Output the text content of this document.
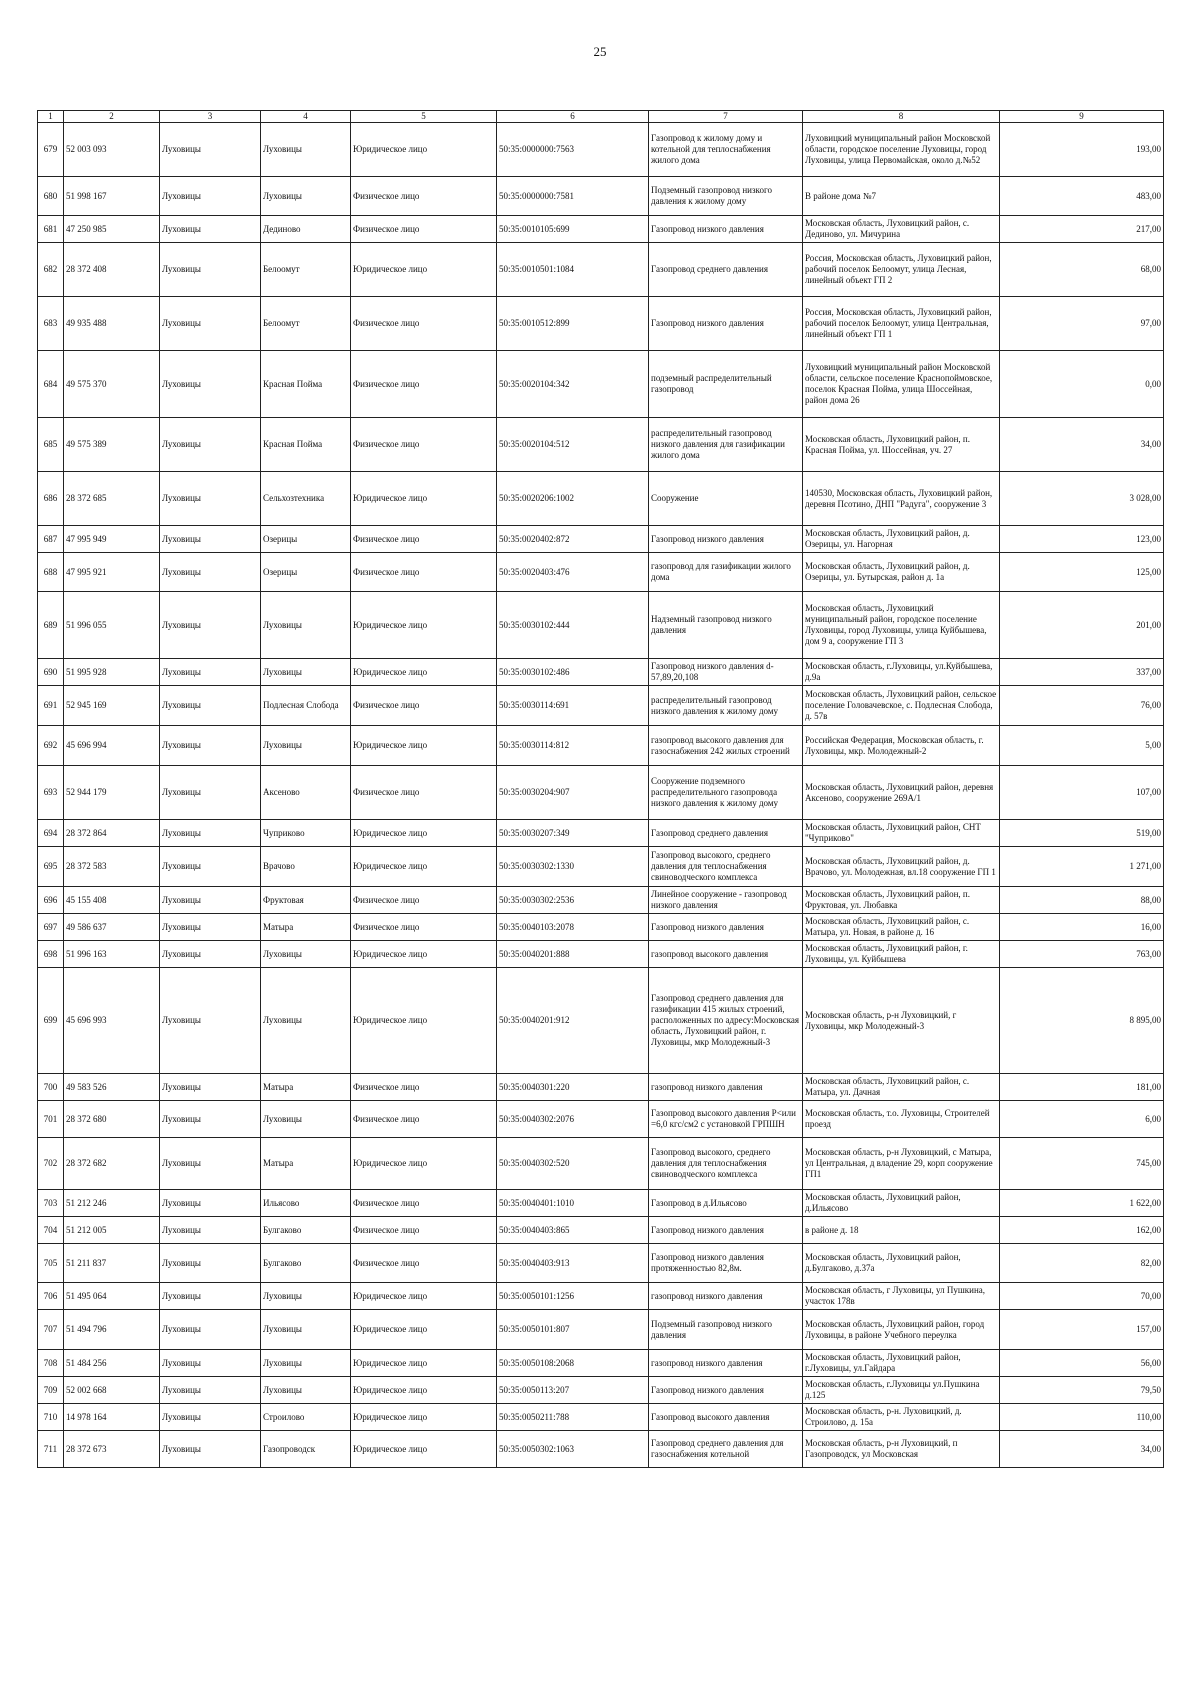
25
1	2	3	4	5	6	7	8	9
679	52 003 093	Луховицы	Луховицы	Юридическое лицо	50:35:0000000:7563	Газопровод к жилому дому и котельной для теплоснабжения жилого дома	Луховицкий муниципальный район Московской области, городское поселение Луховицы, город Луховицы, улица Первомайская, около д.№52	193,00
680	51 998 167	Луховицы	Луховицы	Физическое лицо	50:35:0000000:7581	Подземный газопровод низкого давления к жилому дому	В районе дома №7	483,00
681	47 250 985	Луховицы	Дединово	Физическое лицо	50:35:0010105:699	Газопровод низкого давления	Московская область, Луховицкий район, с. Дединово, ул. Мичурина	217,00
682	28 372 408	Луховицы	Белоомут	Юридическое лицо	50:35:0010501:1084	Газопровод среднего давления	Россия, Московская область, Луховицкий район, рабочий поселок Белоомут, улица Лесная, линейный объект ГП 2	68,00
683	49 935 488	Луховицы	Белоомут	Физическое лицо	50:35:0010512:899	Газопровод низкого давления	Россия, Московская область, Луховицкий район, рабочий поселок Белоомут, улица Центральная, линейный объект ГП 1	97,00
684	49 575 370	Луховицы	Красная Пойма	Физическое лицо	50:35:0020104:342	подземный распределительный газопровод	Луховицкий муниципальный район Московской области, сельское поселение Краснопоймовское, поселок Красная Пойма, улица Шоссейная, район дома 26	0,00
685	49 575 389	Луховицы	Красная Пойма	Физическое лицо	50:35:0020104:512	распределительный газопровод низкого давления для газификации жилого дома	Московская область, Луховицкий район, п. Красная Пойма, ул. Шоссейная, уч. 27	34,00
686	28 372 685	Луховицы	Сельхозтехника	Юридическое лицо	50:35:0020206:1002	Сооружение	140530, Московская область, Луховицкий район, деревня Псотино, ДНП "Радуга", сооружение 3	3 028,00
687	47 995 949	Луховицы	Озерицы	Физическое лицо	50:35:0020402:872	Газопровод низкого давления	Московская область, Луховицкий район, д. Озерицы, ул. Нагорная	123,00
688	47 995 921	Луховицы	Озерицы	Физическое лицо	50:35:0020403:476	газопровод для газификации жилого дома	Московская область, Луховицкий район, д. Озерицы, ул. Бутырская, район д. 1а	125,00
689	51 996 055	Луховицы	Луховицы	Юридическое лицо	50:35:0030102:444	Надземный газопровод низкого давления	Московская область, Луховицкий муниципальный район, городское поселение Луховицы, город Луховицы, улица Куйбышева, дом 9 а, сооружение ГП 3	201,00
690	51 995 928	Луховицы	Луховицы	Юридическое лицо	50:35:0030102:486	Газопровод низкого давления d-57,89,20,108	Московская область, г.Луховицы, ул.Куйбышева, д.9а	337,00
691	52 945 169	Луховицы	Подлесная Слобода	Физическое лицо	50:35:0030114:691	распределительный газопровод низкого давления к жилому дому	Московская область, Луховицкий район, сельское поселение Головачевское, с. Подлесная Слобода, д. 57в	76,00
692	45 696 994	Луховицы	Луховицы	Юридическое лицо	50:35:0030114:812	газопровод высокого давления для газоснабжения 242 жилых строений	Российская Федерация, Московская область, г. Луховицы, мкр. Молодежный-2	5,00
693	52 944 179	Луховицы	Аксеново	Физическое лицо	50:35:0030204:907	Сооружение подземного распределительного газопровода низкого давления к жилому дому	Московская область, Луховицкий район, деревня Аксеново, сооружение 269А/1	107,00
694	28 372 864	Луховицы	Чуприково	Юридическое лицо	50:35:0030207:349	Газопровод среднего давления	Московская область, Луховицкий район, СНТ "Чуприково"	519,00
695	28 372 583	Луховицы	Врачово	Юридическое лицо	50:35:0030302:1330	Газопровод высокого, среднего давления для теплоснабжения свиноводческого комплекса	Московская область, Луховицкий район, д. Врачово, ул. Молодежная, вл.18 сооружение ГП 1	1 271,00
696	45 155 408	Луховицы	Фруктовая	Физическое лицо	50:35:0030302:2536	Линейное сооружение - газопровод низкого давления	Московская область, Луховицкий район, п. Фруктовая, ул. Любавка	88,00
697	49 586 637	Луховицы	Матыра	Физическое лицо	50:35:0040103:2078	Газопровод низкого давления	Московская область, Луховицкий район, с. Матыра, ул. Новая, в районе д. 16	16,00
698	51 996 163	Луховицы	Луховицы	Юридическое лицо	50:35:0040201:888	газопровод высокого давления	Московская область, Луховицкий район, г. Луховицы, ул. Куйбышева	763,00
699	45 696 993	Луховицы	Луховицы	Юридическое лицо	50:35:0040201:912	Газопровод среднего давления для газификации 415 жилых строений, расположенных по адресу:Московская область, Луховицкий район, г. Луховицы, мкр Молодежный-3	Московская область, р-н Луховицкий, г Луховицы, мкр Молодежный-3	8 895,00
700	49 583 526	Луховицы	Матыра	Физическое лицо	50:35:0040301:220	газопровод низкого давления	Московская область, Луховицкий район, с. Матыра, ул. Дачная	181,00
701	28 372 680	Луховицы	Луховицы	Физическое лицо	50:35:0040302:2076	Газопровод высокого давления Р<или =6,0 кгс/см2 с установкой ГРПШН	Московская область, т.о. Луховицы, Строителей проезд	6,00
702	28 372 682	Луховицы	Матыра	Юридическое лицо	50:35:0040302:520	Газопровод высокого, среднего давления для теплоснабжения свиноводческого комплекса	Московская область, р-н Луховицкий, с Матыра, ул Центральная, д владение 29, корп сооружение ГП1	745,00
703	51 212 246	Луховицы	Ильясово	Физическое лицо	50:35:0040401:1010	Газопровод в д.Ильясово	Московская область, Луховицкий район, д.Ильясово	1 622,00
704	51 212 005	Луховицы	Булгаково	Физическое лицо	50:35:0040403:865	Газопровод низкого давления	в районе д. 18	162,00
705	51 211 837	Луховицы	Булгаково	Физическое лицо	50:35:0040403:913	Газопровод низкого давления протяженностью 82,8м.	Московская область, Луховицкий район, д.Булгаково, д.37а	82,00
706	51 495 064	Луховицы	Луховицы	Юридическое лицо	50:35:0050101:1256	газопровод низкого давления	Московская область, г Луховицы, ул Пушкина, участок 178в	70,00
707	51 494 796	Луховицы	Луховицы	Юридическое лицо	50:35:0050101:807	Подземный газопровод низкого давления	Московская область, Луховицкий район, город Луховицы, в районе Учебного переулка	157,00
708	51 484 256	Луховицы	Луховицы	Юридическое лицо	50:35:0050108:2068	газопровод низкого давления	Московская область, Луховицкий район, г.Луховицы, ул.Гайдара	56,00
709	52 002 668	Луховицы	Луховицы	Юридическое лицо	50:35:0050113:207	Газопровод низкого давления	Московская область, г.Луховицы ул.Пушкина д.125	79,50
710	14 978 164	Луховицы	Строилово	Юридическое лицо	50:35:0050211:788	Газопровод высокого давления	Московская область, р-н. Луховицкий, д. Строилово, д. 15а	110,00
711	28 372 673	Луховицы	Газопроводск	Юридическое лицо	50:35:0050302:1063	Газопровод среднего давления для газоснабжения котельной	Московская область, р-н Луховицкий, п Газопроводск, ул Московская	34,00
